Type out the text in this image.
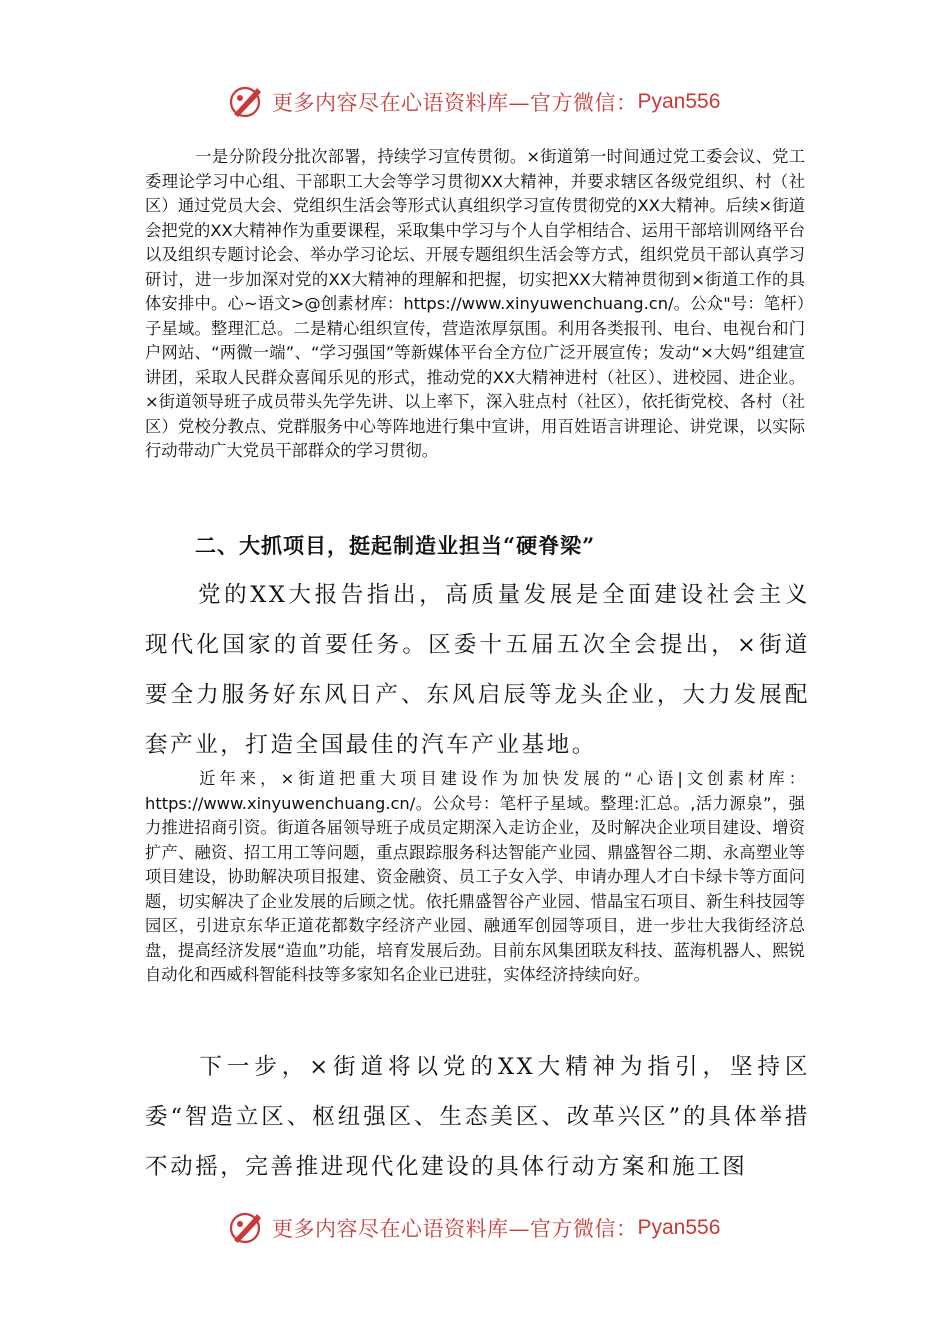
更多内容尽在心语资料库—官方微信： Pyan556

一是分阶段分批次部署，持续学习宣传贯彻。×街道第一时间通过党工委会议、党工委理论学习中心组、干部职工大会等学习贯彻XX大精神，并要求辖区各级党组织、村（社区）通过党员大会、党组织生活会等形式认真组织学习宣传贯彻党的XX大精神。后续×街道会把党的XX大精神作为重要课程，采取集中学习与个人自学相结合、运用干部培训网络平台以及组织专题讨论会、举办学习论坛、开展专题组织生活会等方式，组织党员干部认真学习研讨，进一步加深对党的XX大精神的理解和把握，切实把XX大精神贯彻到×街道工作的具体安排中。心~语文>@创素材库：https://www.xinyuwenchuang.cn/。公众"号：笔杆）子星域。整理汇总。二是精心组织宣传，营造浓厚氛围。利用各类报刊、电台、电视台和门户网站、“两微一端”、“学习强国”等新媒体平台全方位广泛开展宣传；发动“×大妈”组建宣讲团，采取人民群众喜闻乐见的形式，推动党的XX大精神进村（社区）、进校园、进企业。×街道领导班子成员带头先学先讲、以上率下，深入驻点村（社区），依托街党校、各村（社区）党校分教点、党群服务中心等阵地进行集中宣讲，用百姓语言讲理论、讲党课，以实际行动带动广大党员干部群众的学习贯彻。

二、大抓项目，挺起制造业担当“硬脊梁”

党的XX大报告指出，高质量发展是全面建设社会主义现代化国家的首要任务。区委十五届五次全会提出，×街道要全力服务好东风日产、东风启辰等龙头企业，大力发展配套产业，打造全国最佳的汽车产业基地。

近年来，×街道把重大项目建设作为加快发展的“心语|文创素材库：https://www.xinyuwenchuang.cn/。公众号：笔杆子星域。整理:汇总。,活力源泉”，强力推进招商引资。街道各届领导班子成员定期深入走访企业，及时解决企业项目建设、增资扩产、融资、招工用工等问题，重点跟踪服务科达智能产业园、鼎盛智谷二期、永高塑业等项目建设，协助解决项目报建、资金融资、员工子女入学、申请办理人才白卡绿卡等方面问题，切实解决了企业发展的后顾之忧。依托鼎盛智谷产业园、惜晶宝石项目、新生科技园等园区，引进京东华正道花都数字经济产业园、融通军创园等项目，进一步壮大我街经济总盘，提高经济发展“造血”功能，培育发展后劲。目前东风集团联友科技、蓝海机器人、熙锐自动化和西威科智能科技等多家知名企业已进驻，实体经济持续向好。

下一步，×街道将以党的XX大精神为指引，坚持区委“智造立区、枢纽强区、生态美区、改革兴区”的具体举措不动摇，完善推进现代化建设的具体行动方案和施工图

更多内容尽在心语资料库—官方微信： Pyan556
